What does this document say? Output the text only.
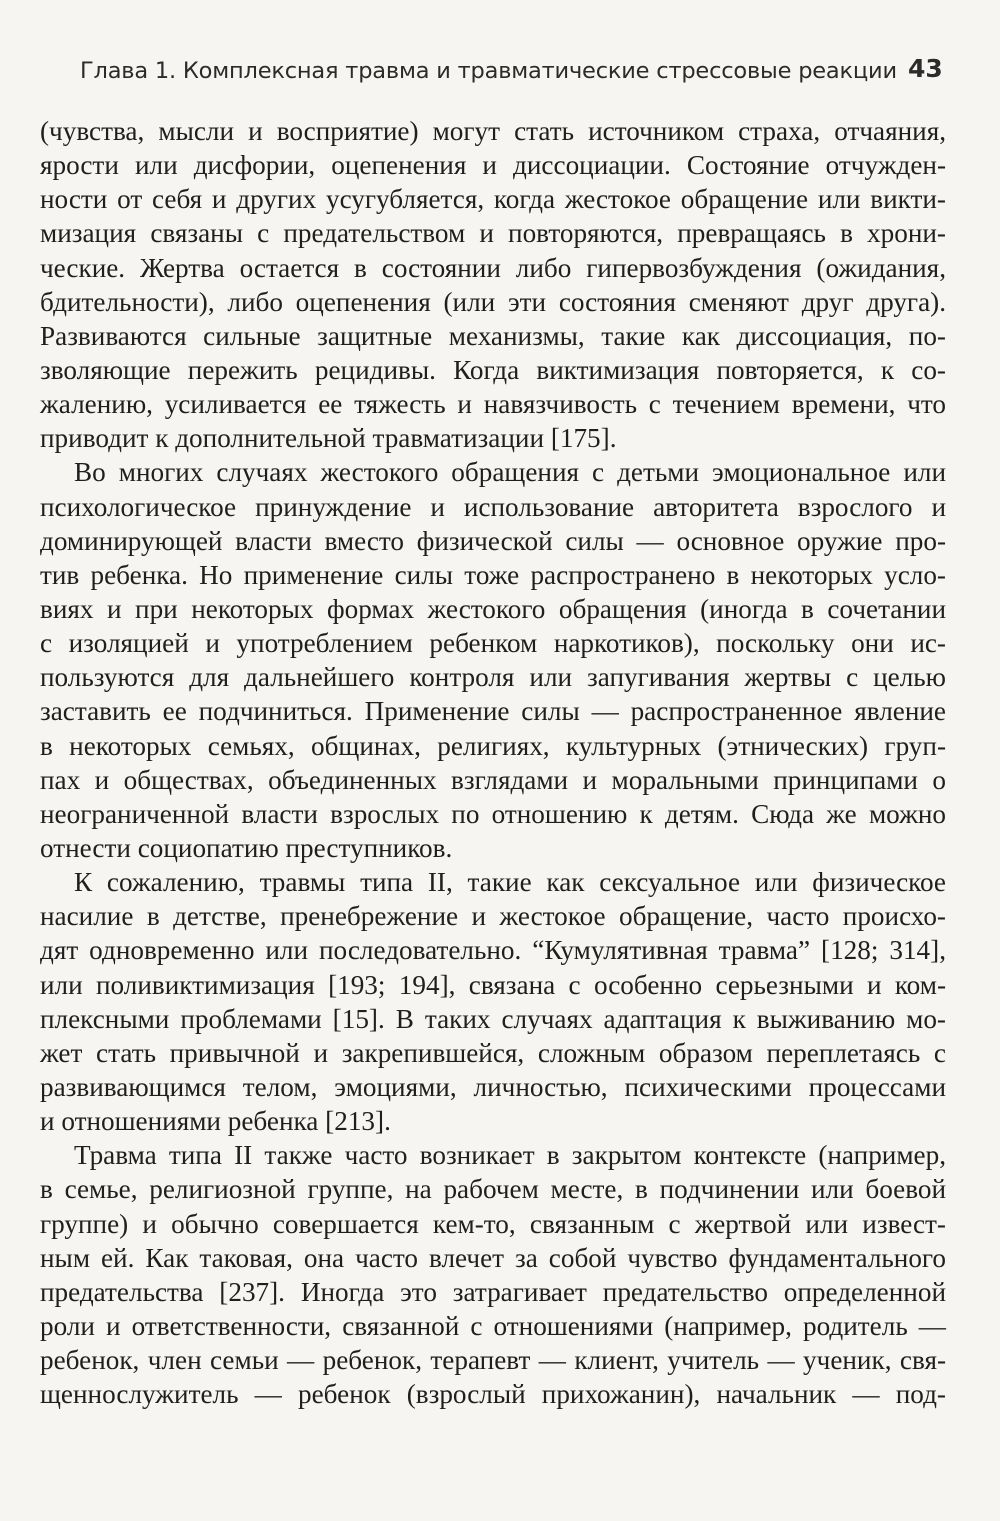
Глава 1. Комплексная травма и травматические стрессовые реакции 43
(чувства, мысли и восприятие) могут стать источником страха, отчаяния,
ярости или дисфории, оцепенения и диссоциации. Состояние отчужден-
ности от себя и других усугубляется, когда жестокое обращение или викти-
мизация связаны с предательством и повторяются, превращаясь в хрони-
ческие. Жертва остается в состоянии либо гипервозбуждения (ожидания,
бдительности), либо оцепенения (или эти состояния сменяют друг друга).
Развиваются сильные защитные механизмы, такие как диссоциация, по-
зволяющие пережить рецидивы. Когда виктимизация повторяется, к со-
жалению, усиливается ее тяжесть и навязчивость с течением времени, что
приводит к дополнительной травматизации [175].
Во многих случаях жестокого обращения с детьми эмоциональное или
психологическое принуждение и использование авторитета взрослого и
доминирующей власти вместо физической силы — основное оружие про-
тив ребенка. Но применение силы тоже распространено в некоторых усло-
виях и при некоторых формах жестокого обращения (иногда в сочетании
с изоляцией и употреблением ребенком наркотиков), поскольку они ис-
пользуются для дальнейшего контроля или запугивания жертвы с целью
заставить ее подчиниться. Применение силы — распространенное явление
в некоторых семьях, общинах, религиях, культурных (этнических) груп-
пах и обществах, объединенных взглядами и моральными принципами о
неограниченной власти взрослых по отношению к детям. Сюда же можно
отнести социопатию преступников.
К сожалению, травмы типа II, такие как сексуальное или физическое
насилие в детстве, пренебрежение и жестокое обращение, часто происхо-
дят одновременно или последовательно. “Кумулятивная травма” [128; 314],
или поливиктимизация [193; 194], связана с особенно серьезными и ком-
плексными проблемами [15]. В таких случаях адаптация к выживанию мо-
жет стать привычной и закрепившейся, сложным образом переплетаясь с
развивающимся телом, эмоциями, личностью, психическими процессами
и отношениями ребенка [213].
Травма типа II также часто возникает в закрытом контексте (например,
в семье, религиозной группе, на рабочем месте, в подчинении или боевой
группе) и обычно совершается кем-то, связанным с жертвой или извест-
ным ей. Как таковая, она часто влечет за собой чувство фундаментального
предательства [237]. Иногда это затрагивает предательство определенной
роли и ответственности, связанной с отношениями (например, родитель —
ребенок, член семьи — ребенок, терапевт — клиент, учитель — ученик, свя-
щеннослужитель — ребенок (взрослый прихожанин), начальник — под-
